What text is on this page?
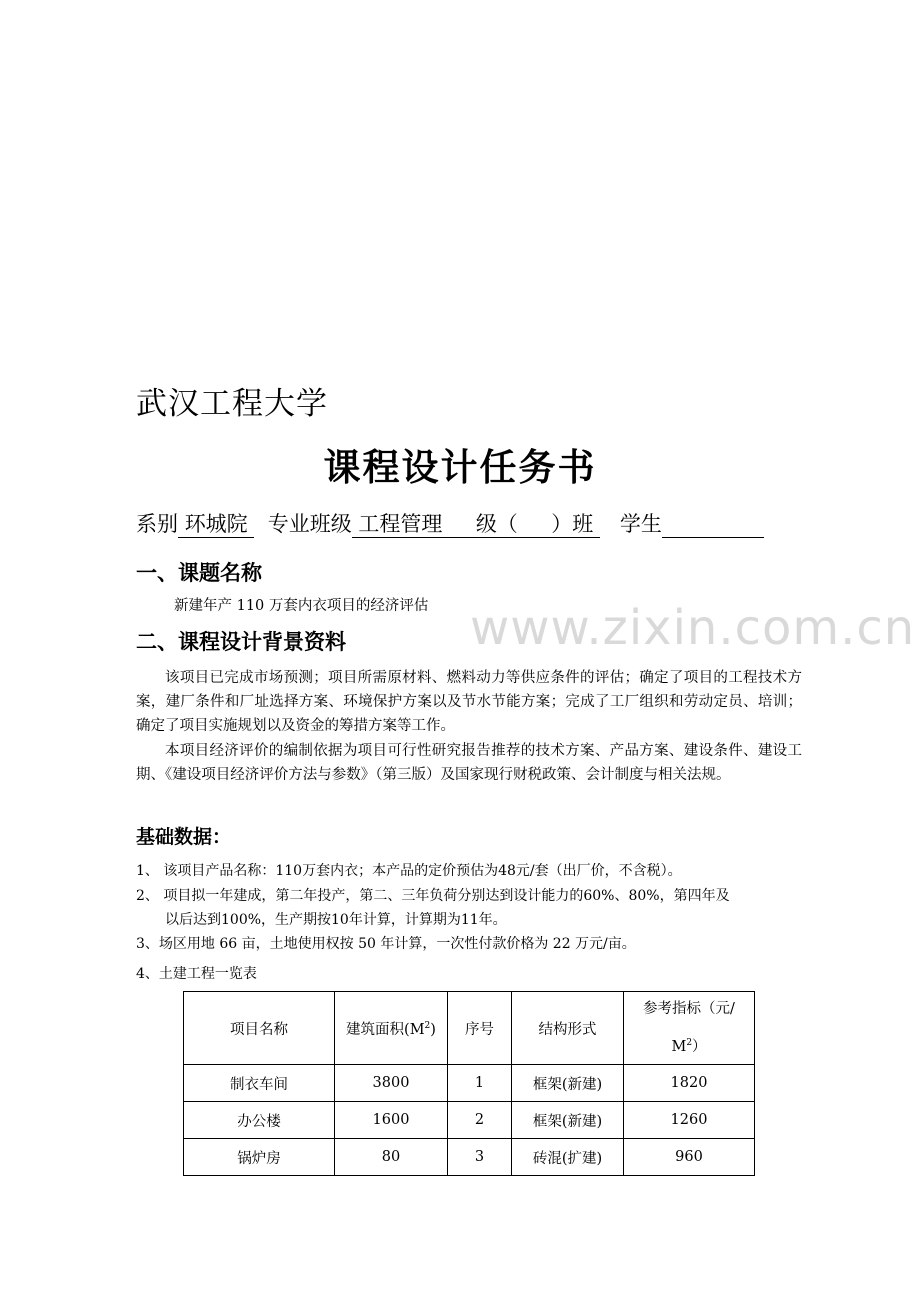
www.zixin.com.cn
武汉工程大学
课程设计任务书
系别 环城院 专业班级 工程管理 级（ ）班 学生
一、课题名称
新建年产 110 万套内衣项目的经济评估
二、课程设计背景资料
该项目已完成市场预测；项目所需原材料、燃料动力等供应条件的评估；确定了项目的工程技术方案，建厂条件和厂址选择方案、环境保护方案以及节水节能方案；完成了工厂组织和劳动定员、培训；确定了项目实施规划以及资金的筹措方案等工作。
本项目经济评价的编制依据为项目可行性研究报告推荐的技术方案、产品方案、建设条件、建设工期、《建设项目经济评价方法与参数》（第三版）及国家现行财税政策、会计制度与相关法规。
基础数据：
1、 该项目产品名称：110万套内衣；本产品的定价预估为48元/套（出厂价，不含税）。
2、 项目拟一年建成，第二年投产，第二、三年负荷分别达到设计能力的60%、80%，第四年及
以后达到100%，生产期按10年计算，计算期为11年。
3、场区用地 66 亩，土地使用权按 50 年计算，一次性付款价格为 22 万元/亩。
4、土建工程一览表
项目名称	建筑面积$(M^2)$	序号	结构形式	参考指标（元/
$M^2$）

制衣车间	3800	1	框架(新建)	1820
办公楼	1600	2	框架(新建)	1260
锅炉房	80	3	砖混(扩建)	960
